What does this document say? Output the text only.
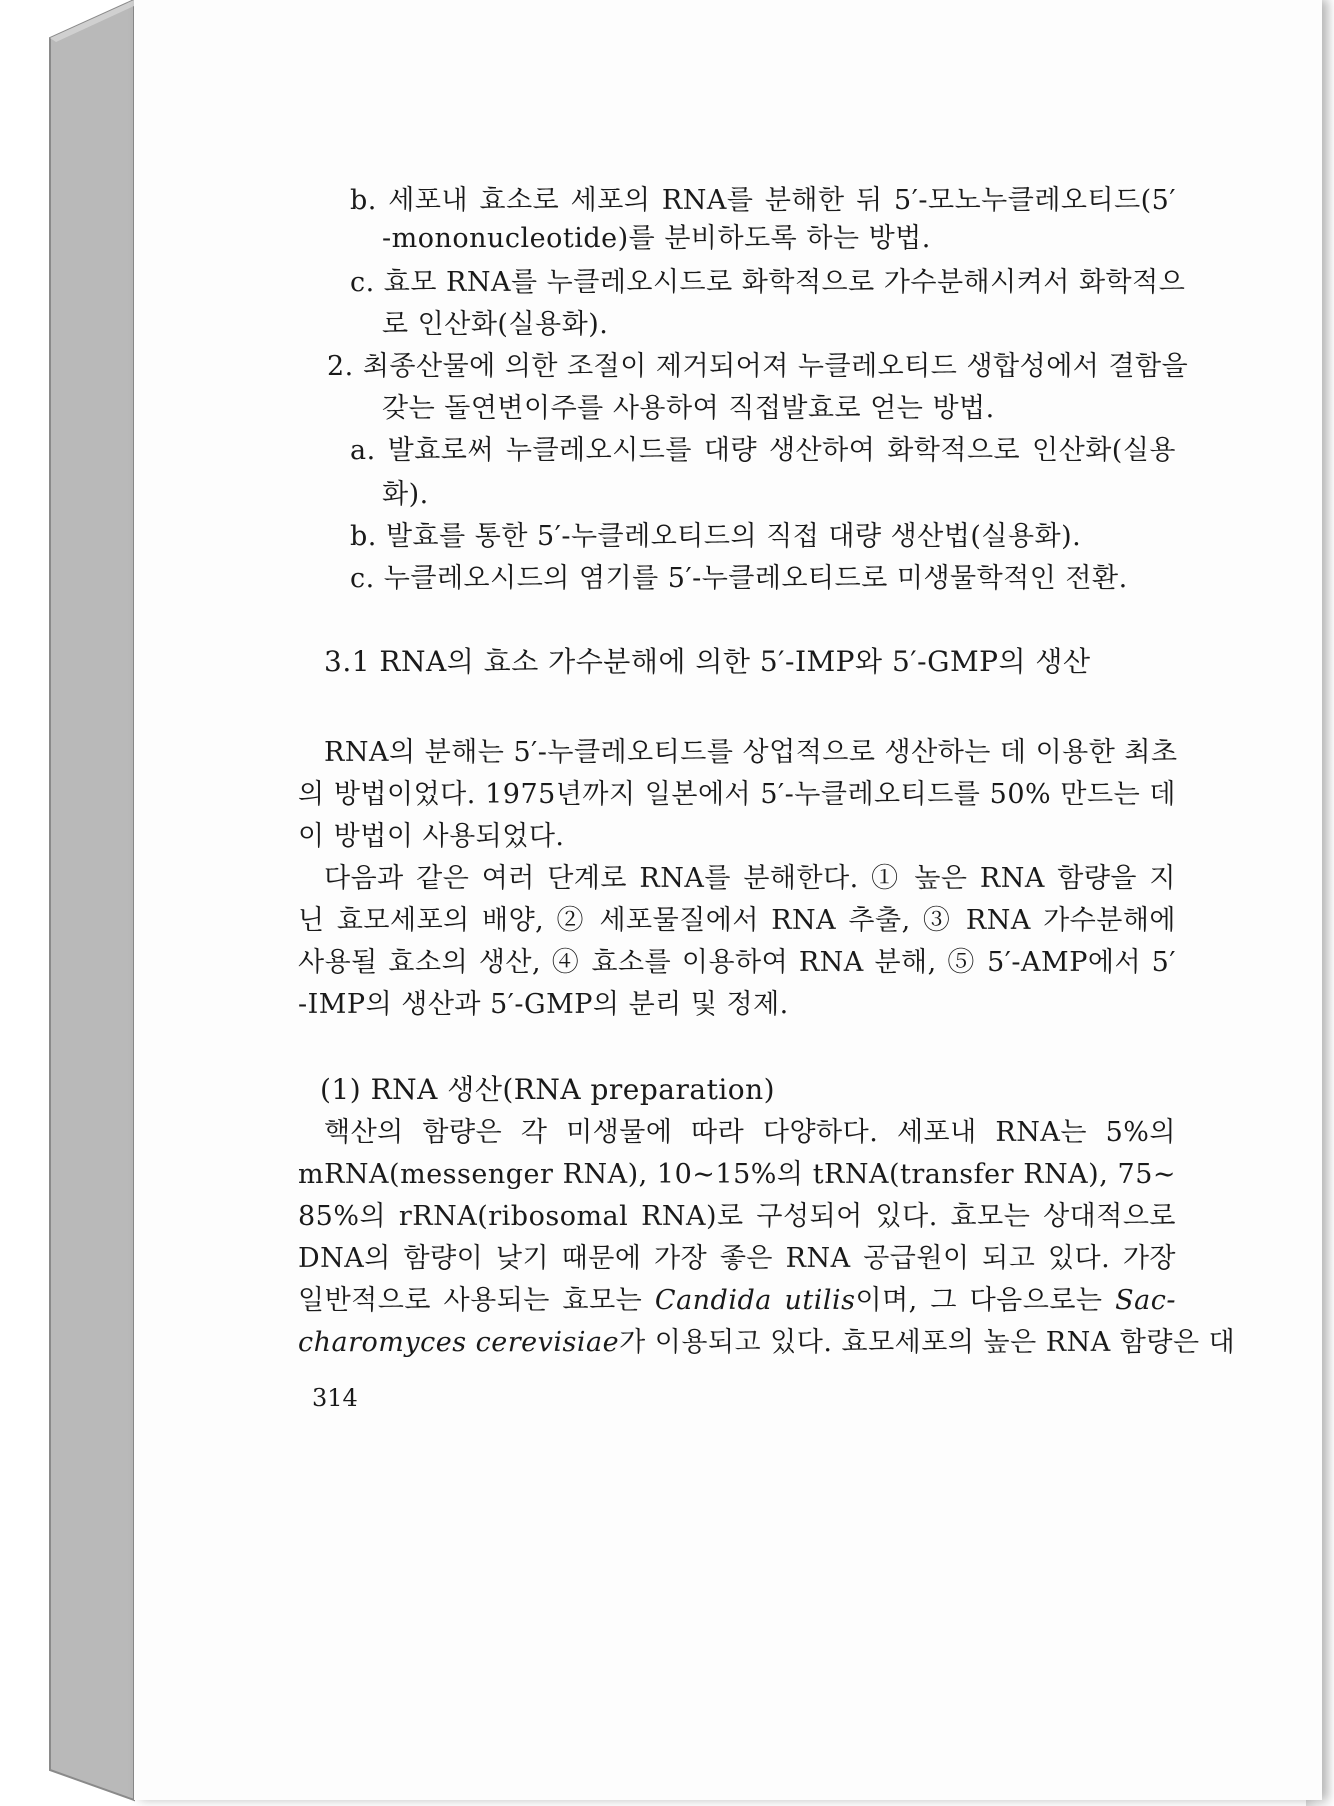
b. 세포내 효소로 세포의 RNA를 분해한 뒤 5′-모노누클레오티드(5′

-mononucleotide)를 분비하도록 하는 방법.

c. 효모 RNA를 누클레오시드로 화학적으로 가수분해시켜서 화학적으

로 인산화(실용화).

2. 최종산물에 의한 조절이 제거되어져 누클레오티드 생합성에서 결함을

갖는 돌연변이주를 사용하여 직접발효로 얻는 방법.

a. 발효로써 누클레오시드를 대량 생산하여 화학적으로 인산화(실용

화).

b. 발효를 통한 5′-누클레오티드의 직접 대량 생산법(실용화).

c. 누클레오시드의 염기를 5′-누클레오티드로 미생물학적인 전환.

3.1 RNA의 효소 가수분해에 의한 5′-IMP와 5′-GMP의 생산

RNA의 분해는 5′-누클레오티드를 상업적으로 생산하는 데 이용한 최초

의 방법이었다. 1975년까지 일본에서 5′-누클레오티드를 50% 만드는 데

이 방법이 사용되었다.

다음과 같은 여러 단계로 RNA를 분해한다. ① 높은 RNA 함량을 지

닌 효모세포의 배양, ② 세포물질에서 RNA 추출, ③ RNA 가수분해에

사용될 효소의 생산, ④ 효소를 이용하여 RNA 분해, ⑤ 5′-AMP에서 5′

-IMP의 생산과 5′-GMP의 분리 및 정제.

(1) RNA 생산(RNA preparation)

핵산의 함량은 각 미생물에 따라 다양하다. 세포내 RNA는 5%의

mRNA(messenger RNA), 10∼15%의 tRNA(transfer RNA), 75∼

85%의 rRNA(ribosomal RNA)로 구성되어 있다. 효모는 상대적으로

DNA의 함량이 낮기 때문에 가장 좋은 RNA 공급원이 되고 있다. 가장

일반적으로 사용되는 효모는 Candida utilis이며, 그 다음으로는 Sac-

charomyces cerevisiae가 이용되고 있다. 효모세포의 높은 RNA 함량은 대

314
